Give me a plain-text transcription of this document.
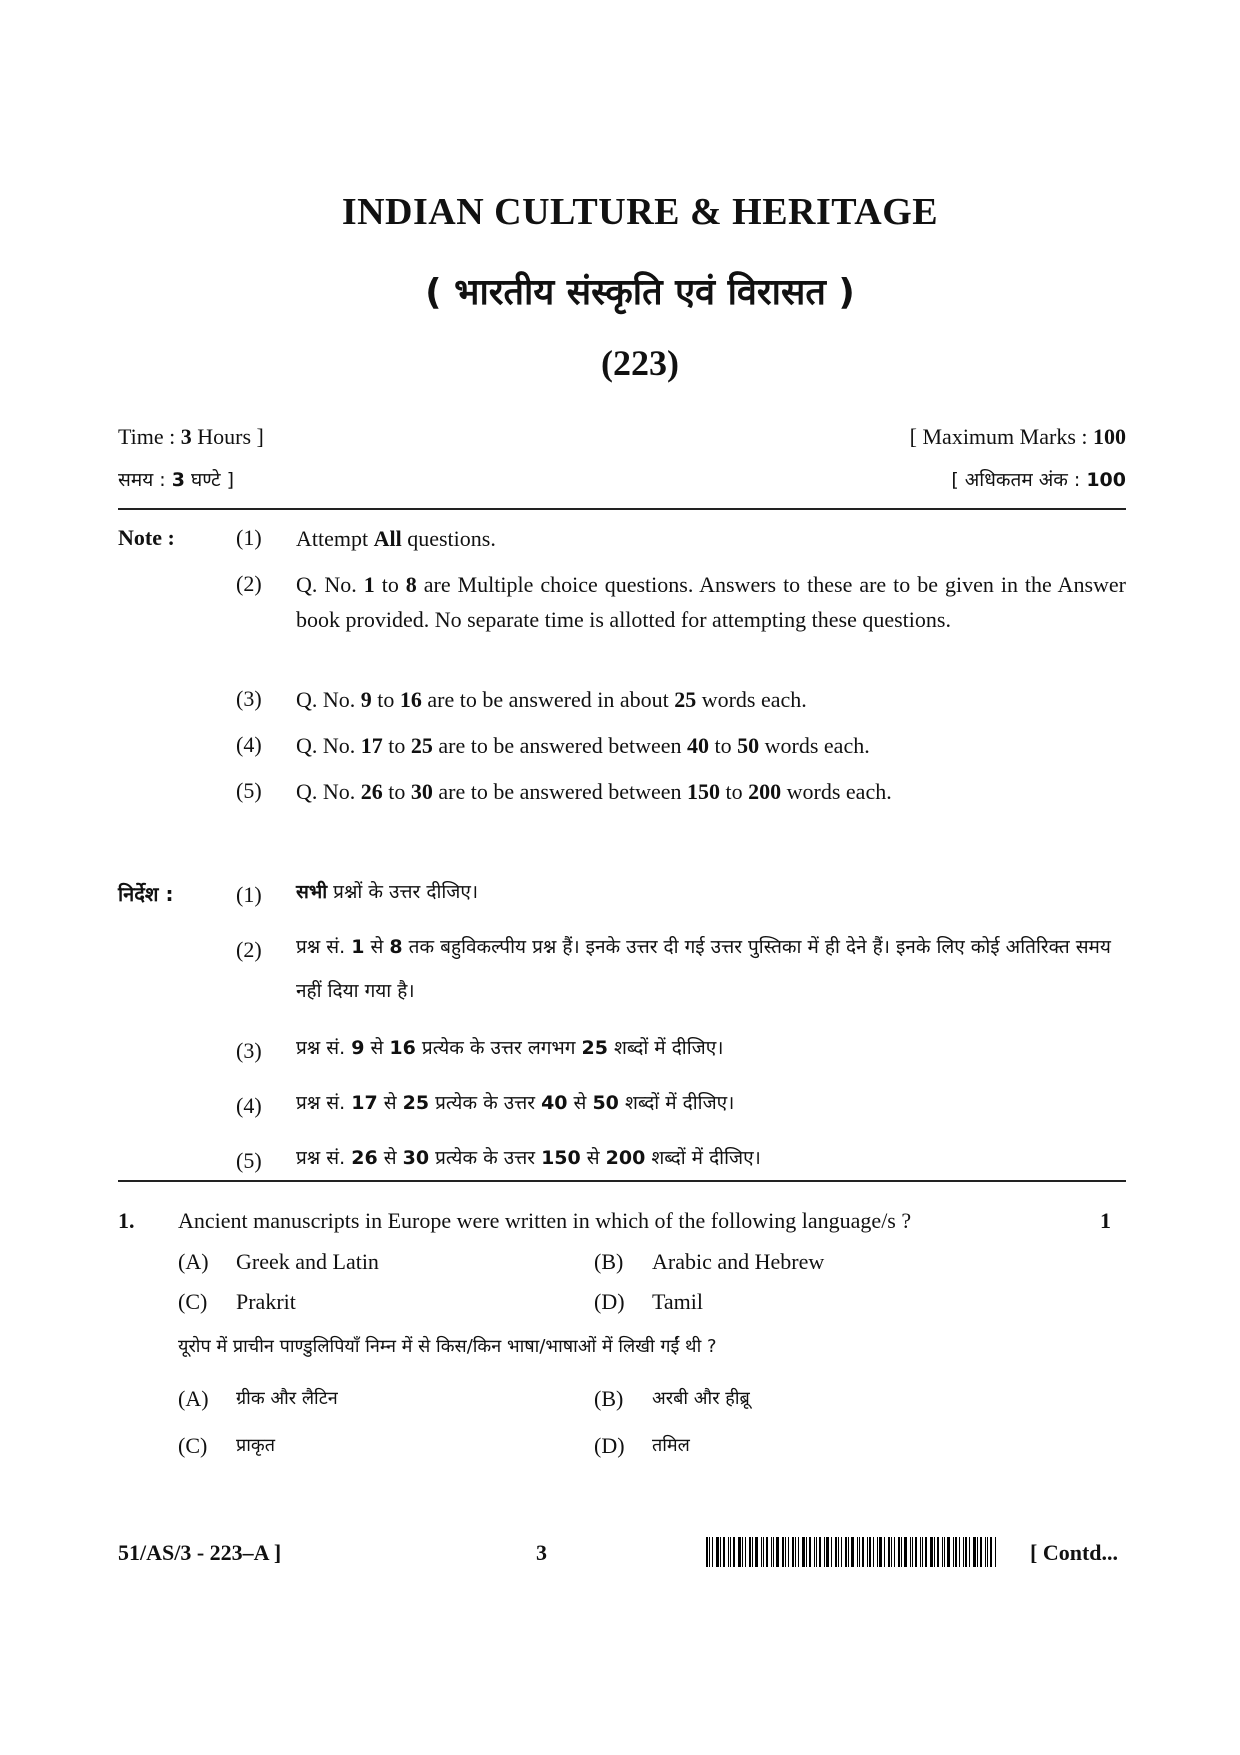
INDIAN CULTURE & HERITAGE
( भारतीय संस्कृति एवं विरासत )
(223)
Time : 3 Hours ]	[ Maximum Marks : 100
समय : 3 घण्टे ]	[ अधिकतम अंक : 100
Note :	(1)	Attempt All questions.
(2)	Q. No. 1 to 8 are Multiple choice questions. Answers to these are to be given in the Answer book provided. No separate time is allotted for attempting these questions.
(3)	Q. No. 9 to 16 are to be answered in about 25 words each.
(4)	Q. No. 17 to 25 are to be answered between 40 to 50 words each.
(5)	Q. No. 26 to 30 are to be answered between 150 to 200 words each.
निर्देश :	(1)	सभी प्रश्नों के उत्तर दीजिए।
(2)	प्रश्न सं. 1 से 8 तक बहुविकल्पीय प्रश्न हैं। इनके उत्तर दी गई उत्तर पुस्तिका में ही देने हैं। इनके लिए कोई अतिरिक्त समय नहीं दिया गया है।
(3)	प्रश्न सं. 9 से 16 प्रत्येक के उत्तर लगभग 25 शब्दों में दीजिए।
(4)	प्रश्न सं. 17 से 25 प्रत्येक के उत्तर 40 से 50 शब्दों में दीजिए।
(5)	प्रश्न सं. 26 से 30 प्रत्येक के उत्तर 150 से 200 शब्दों में दीजिए।
1. Ancient manuscripts in Europe were written in which of the following language/s ?	1
(A) Greek and Latin	(B) Arabic and Hebrew
(C) Prakrit	(D) Tamil
यूरोप में प्राचीन पाण्डुलिपियाँ निम्न में से किस/किन भाषा/भाषाओं में लिखी गईं थी ?
(A) ग्रीक और लैटिन	(B) अरबी और हीब्रू
(C) प्राकृत	(D) तमिल
51/AS/3 - 223–A ]	3	[ Contd...
